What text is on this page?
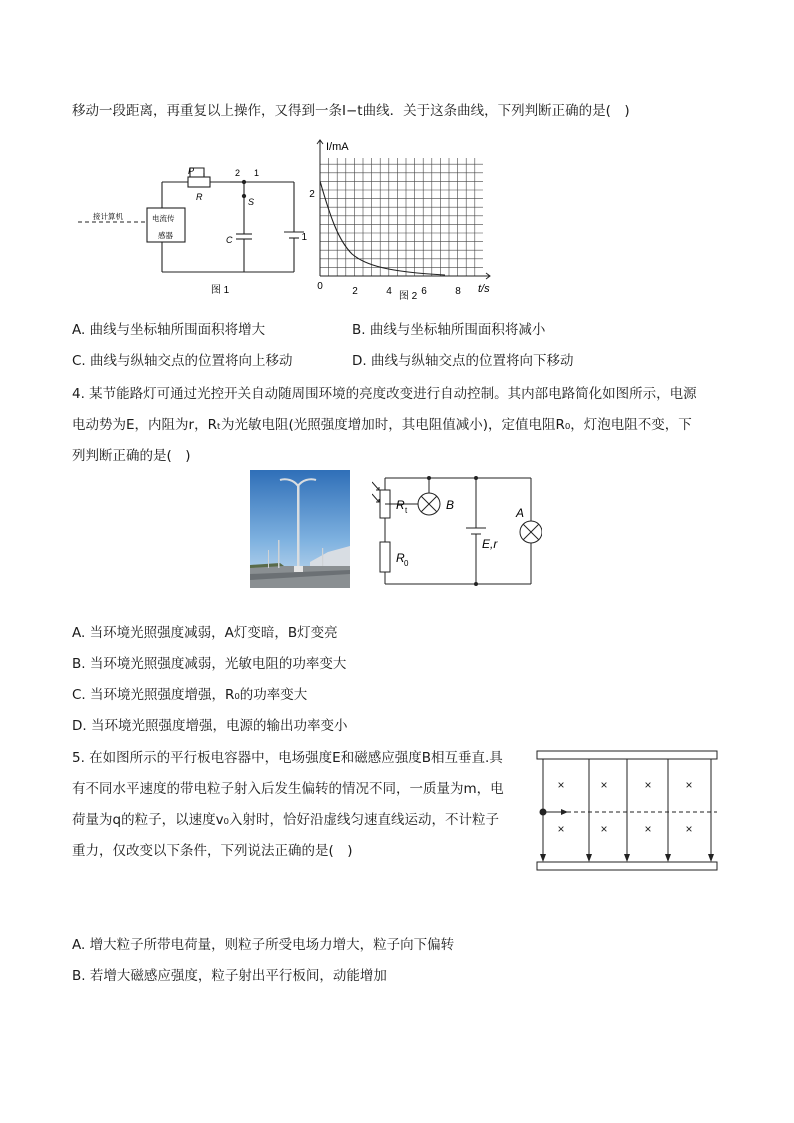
移动一段距离，再重复以上操作，又得到一条I−t曲线．关于这条曲线，下列判断正确的是(　)
接计算机	电流传
感器
P
R
2 1
S
C	1
图 1
I/mA
t/s
0
2
2	4	6	8
图 2
A. 曲线与坐标轴所围面积将增大	B. 曲线与坐标轴所围面积将减小
C. 曲线与纵轴交点的位置将向上移动	D. 曲线与纵轴交点的位置将向下移动
4. 某节能路灯可通过光控开关自动随周围环境的亮度改变进行自动控制。其内部电路简化如图所示，电源
电动势为E，内阻为r，Rₜ为光敏电阻(光照强度增加时，其电阻值减小)，定值电阻R₀，灯泡电阻不变，下
列判断正确的是(　)
R t	B
A
R 0
E,r
A. 当环境光照强度减弱，A灯变暗，B灯变亮
B. 当环境光照强度减弱，光敏电阻的功率变大
C. 当环境光照强度增强，R₀的功率变大
D. 当环境光照强度增强，电源的输出功率变小
5. 在如图所示的平行板电容器中，电场强度E和磁感应强度B相互垂直.具
有不同水平速度的带电粒子射入后发生偏转的情况不同，一质量为m，电
荷量为q的粒子，以速度v₀入射时，恰好沿虚线匀速直线运动，不计粒子
重力，仅改变以下条件，下列说法正确的是(　)
×	×	×	×
×	×	×	×
A. 增大粒子所带电荷量，则粒子所受电场力增大，粒子向下偏转
B. 若增大磁感应强度，粒子射出平行板间，动能增加
